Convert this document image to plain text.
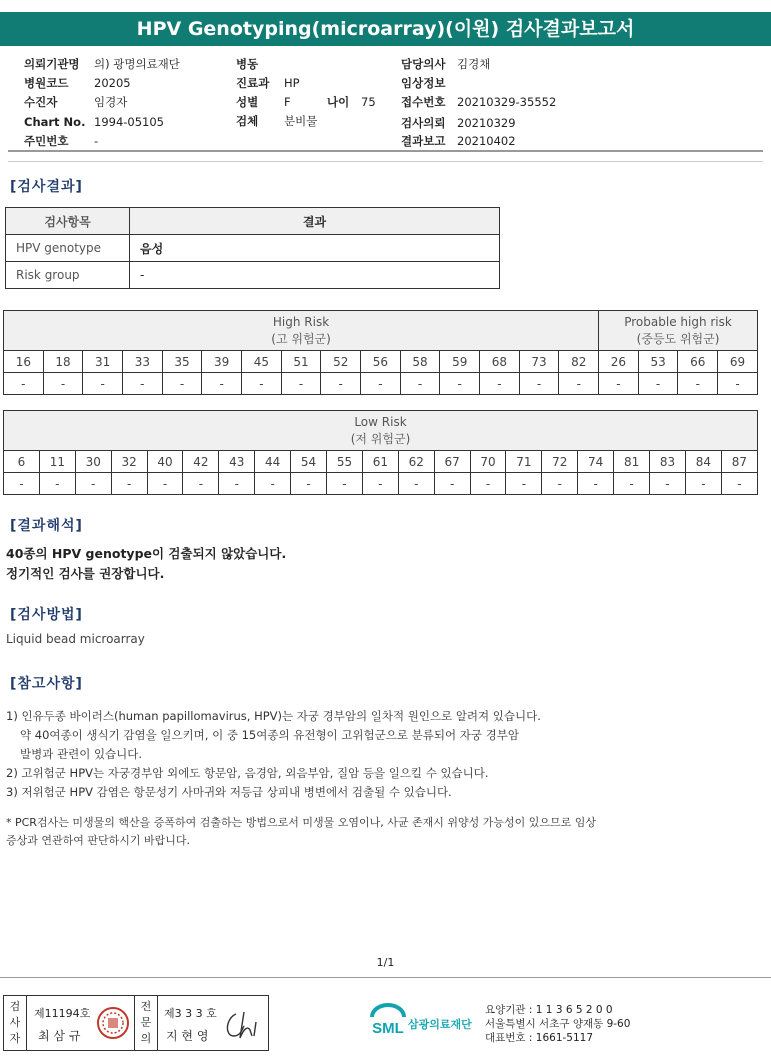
HPV Genotyping(microarray)(이원) 검사결과보고서
의뢰기관명 의) 광명의료재단
병원코드 20205
수진자	임경자
Chart No. 1994-05105
주민번호 -
병동
진료과 HP
성별 F	나이 75
검체 분비물
담당의사 김경채
임상정보
접수번호 20210329-35552
검사의뢰 20210329
결과보고 20210402
[검사결과]
검사항목	결과
HPV genotype	음성
Risk group	-
High Risk
(고 위험군)															Probable high risk
(중등도 위험군)			
16	18	31	33	35	39	45	51	52	56	58	59	68	73	82	26	53	66	69
-	-	-	-	-	-	-	-	-	-	-	-	-	-	-	-	-	-	-
Low Risk
(저 위험군)																				
6	11	30	32	40	42	43	44	54	55	61	62	67	70	71	72	74	81	83	84	87
-	-	-	-	-	-	-	-	-	-	-	-	-	-	-	-	-	-	-	-	-
[결과해석]
40종의 HPV genotype이 검출되지 않았습니다.
정기적인 검사를 권장합니다.
[검사방법]
Liquid bead microarray
[참고사항]
1) 인유두종 바이러스(human papillomavirus, HPV)는 자궁 경부암의 일차적 원인으로 알려져 있습니다.
약 40여종이 생식기 감염을 일으키며, 이 중 15여종의 유전형이 고위험군으로 분류되어 자궁 경부암
발병과 관련이 있습니다.
2) 고위험군 HPV는 자궁경부암 외에도 항문암, 음경암, 외음부암, 질암 등을 일으킬 수 있습니다.
3) 저위험군 HPV 감염은 항문성기 사마귀와 저등급 상피내 병변에서 검출될 수 있습니다.
* PCR검사는 미생물의 핵산을 증폭하여 검출하는 방법으로서 미생물 오염이나, 사균 존재시 위양성 가능성이 있으므로 임상
증상과 연관하여 판단하시기 바랍니다.
1/1
검
사
자
제11194호
최 삼 규
전
문
의
제3 3 3 호
지 현 영	SML 삼광의료재단
요양기관 : 1 1 3 6 5 2 0 0
서울특별시 서초구 양재동 9-60
대표번호 : 1661-5117
